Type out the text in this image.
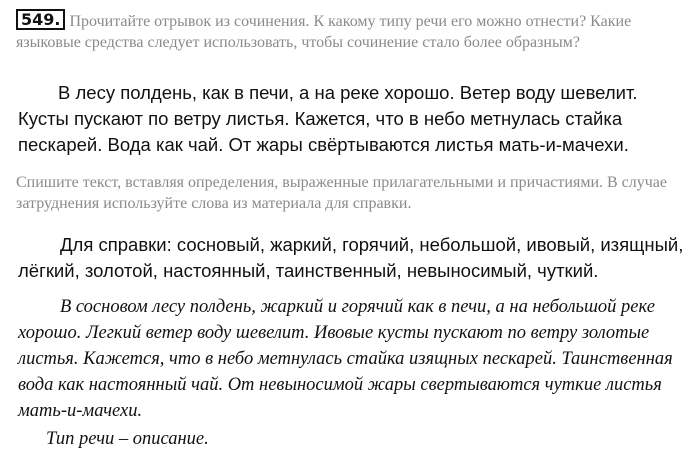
549. Прочитайте отрывок из сочинения. К какому типу речи его можно отнести? Какие языковые средства следует использовать, чтобы сочинение стало более образным?
В лесу полдень, как в печи, а на реке хорошо. Ветер воду шевелит. Кусты пускают по ветру листья. Кажется, что в небо метнулась стайка пескарей. Вода как чай. От жары свёртываются листья мать-и-мачехи.
Спишите текст, вставляя определения, выраженные прилагательными и причастиями. В случае затруднения используйте слова из материала для справки.
Для справки: сосновый, жаркий, горячий, небольшой, ивовый, изящный, лёгкий, золотой, настоянный, таинственный, невыносимый, чуткий.

В сосновом лесу полдень, жаркий и горячий как в печи, а на небольшой реке хорошо. Легкий ветер воду шевелит. Ивовые кусты пускают по ветру золотые листья. Кажется, что в небо метнулась стайка изящных пескарей. Таинственная вода как настоянный чай. От невыносимой жары свертываются чуткие листья мать-и-мачехи.

Тип речи – описание.
